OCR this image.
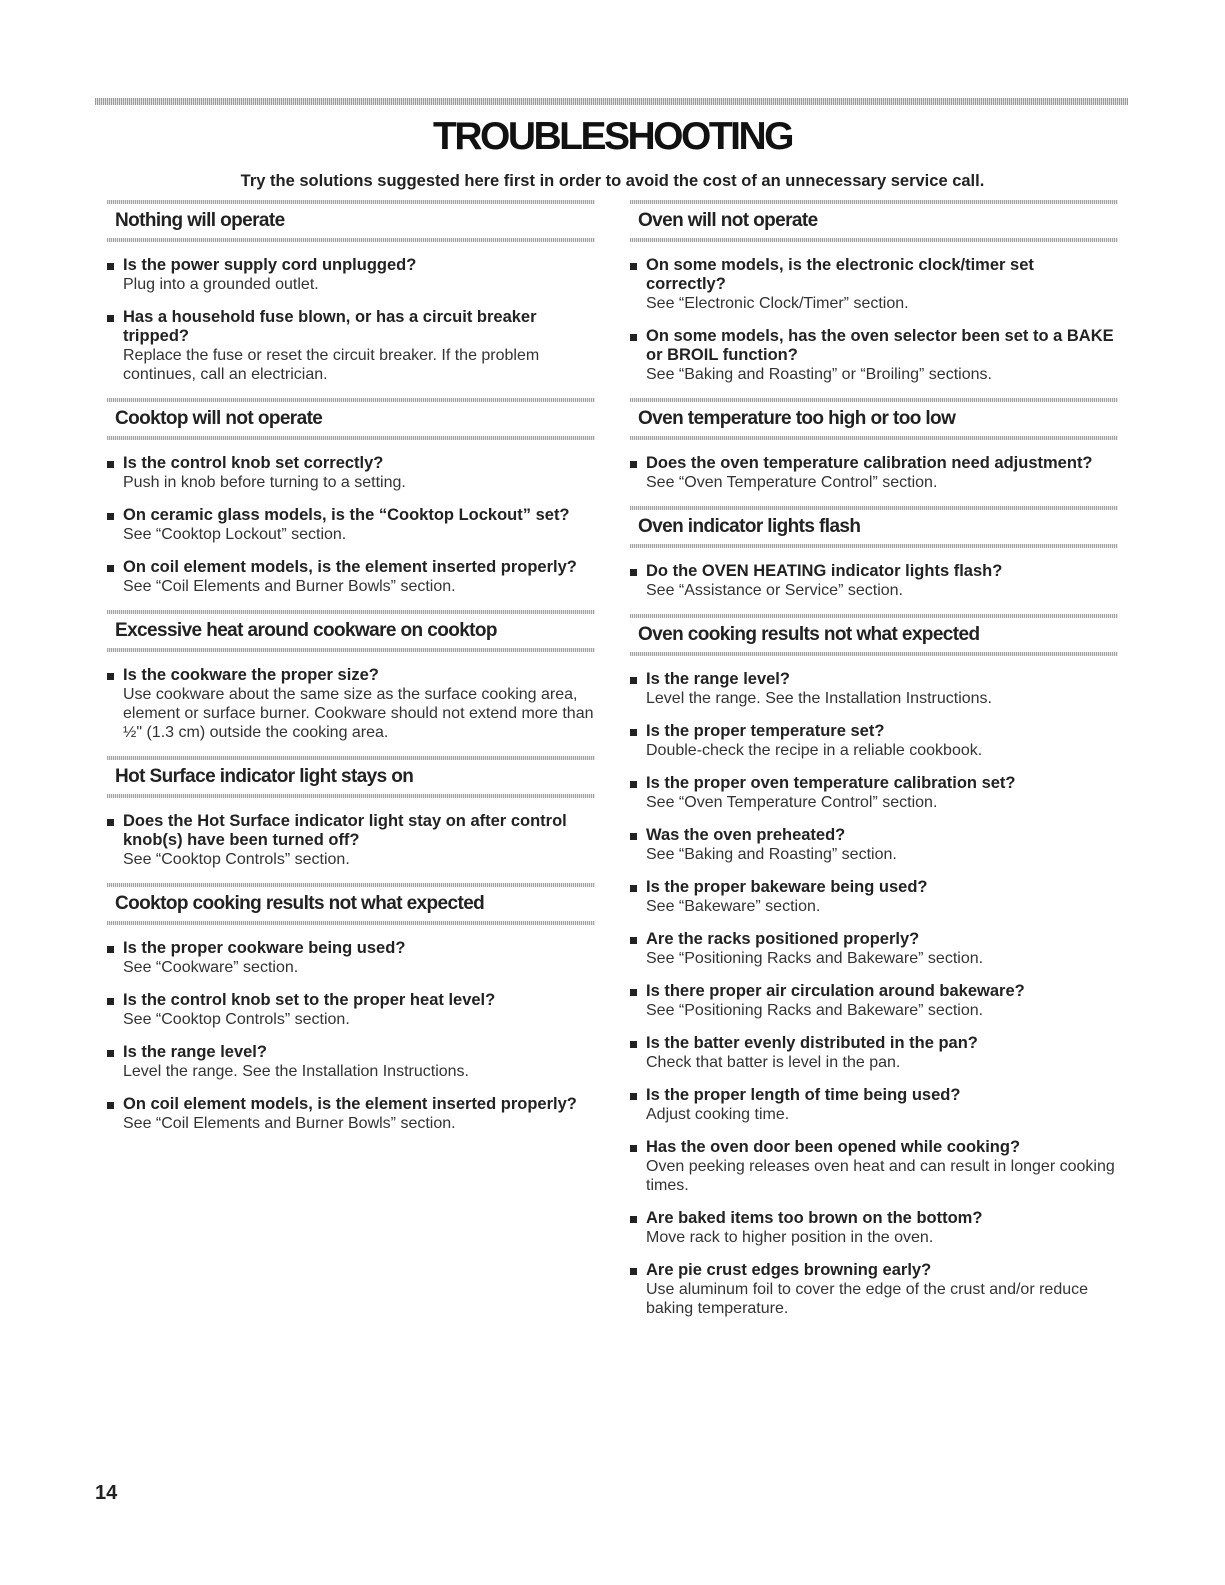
TROUBLESHOOTING
Try the solutions suggested here first in order to avoid the cost of an unnecessary service call.
Nothing will operate
Is the power supply cord unplugged?
Plug into a grounded outlet.
Has a household fuse blown, or has a circuit breaker tripped?
Replace the fuse or reset the circuit breaker. If the problem continues, call an electrician.
Cooktop will not operate
Is the control knob set correctly?
Push in knob before turning to a setting.
On ceramic glass models, is the “Cooktop Lockout” set?
See “Cooktop Lockout” section.
On coil element models, is the element inserted properly?
See “Coil Elements and Burner Bowls” section.
Excessive heat around cookware on cooktop
Is the cookware the proper size?
Use cookware about the same size as the surface cooking area, element or surface burner. Cookware should not extend more than ½" (1.3 cm) outside the cooking area.
Hot Surface indicator light stays on
Does the Hot Surface indicator light stay on after control knob(s) have been turned off?
See “Cooktop Controls” section.
Cooktop cooking results not what expected
Is the proper cookware being used?
See “Cookware” section.
Is the control knob set to the proper heat level?
See “Cooktop Controls” section.
Is the range level?
Level the range. See the Installation Instructions.
On coil element models, is the element inserted properly?
See “Coil Elements and Burner Bowls” section.
Oven will not operate
On some models, is the electronic clock/timer set correctly?
See “Electronic Clock/Timer” section.
On some models, has the oven selector been set to a BAKE or BROIL function?
See “Baking and Roasting” or “Broiling” sections.
Oven temperature too high or too low
Does the oven temperature calibration need adjustment?
See “Oven Temperature Control” section.
Oven indicator lights flash
Do the OVEN HEATING indicator lights flash?
See “Assistance or Service” section.
Oven cooking results not what expected
Is the range level?
Level the range. See the Installation Instructions.
Is the proper temperature set?
Double-check the recipe in a reliable cookbook.
Is the proper oven temperature calibration set?
See “Oven Temperature Control” section.
Was the oven preheated?
See “Baking and Roasting” section.
Is the proper bakeware being used?
See “Bakeware” section.
Are the racks positioned properly?
See “Positioning Racks and Bakeware” section.
Is there proper air circulation around bakeware?
See “Positioning Racks and Bakeware” section.
Is the batter evenly distributed in the pan?
Check that batter is level in the pan.
Is the proper length of time being used?
Adjust cooking time.
Has the oven door been opened while cooking?
Oven peeking releases oven heat and can result in longer cooking times.
Are baked items too brown on the bottom?
Move rack to higher position in the oven.
Are pie crust edges browning early?
Use aluminum foil to cover the edge of the crust and/or reduce baking temperature.
14
